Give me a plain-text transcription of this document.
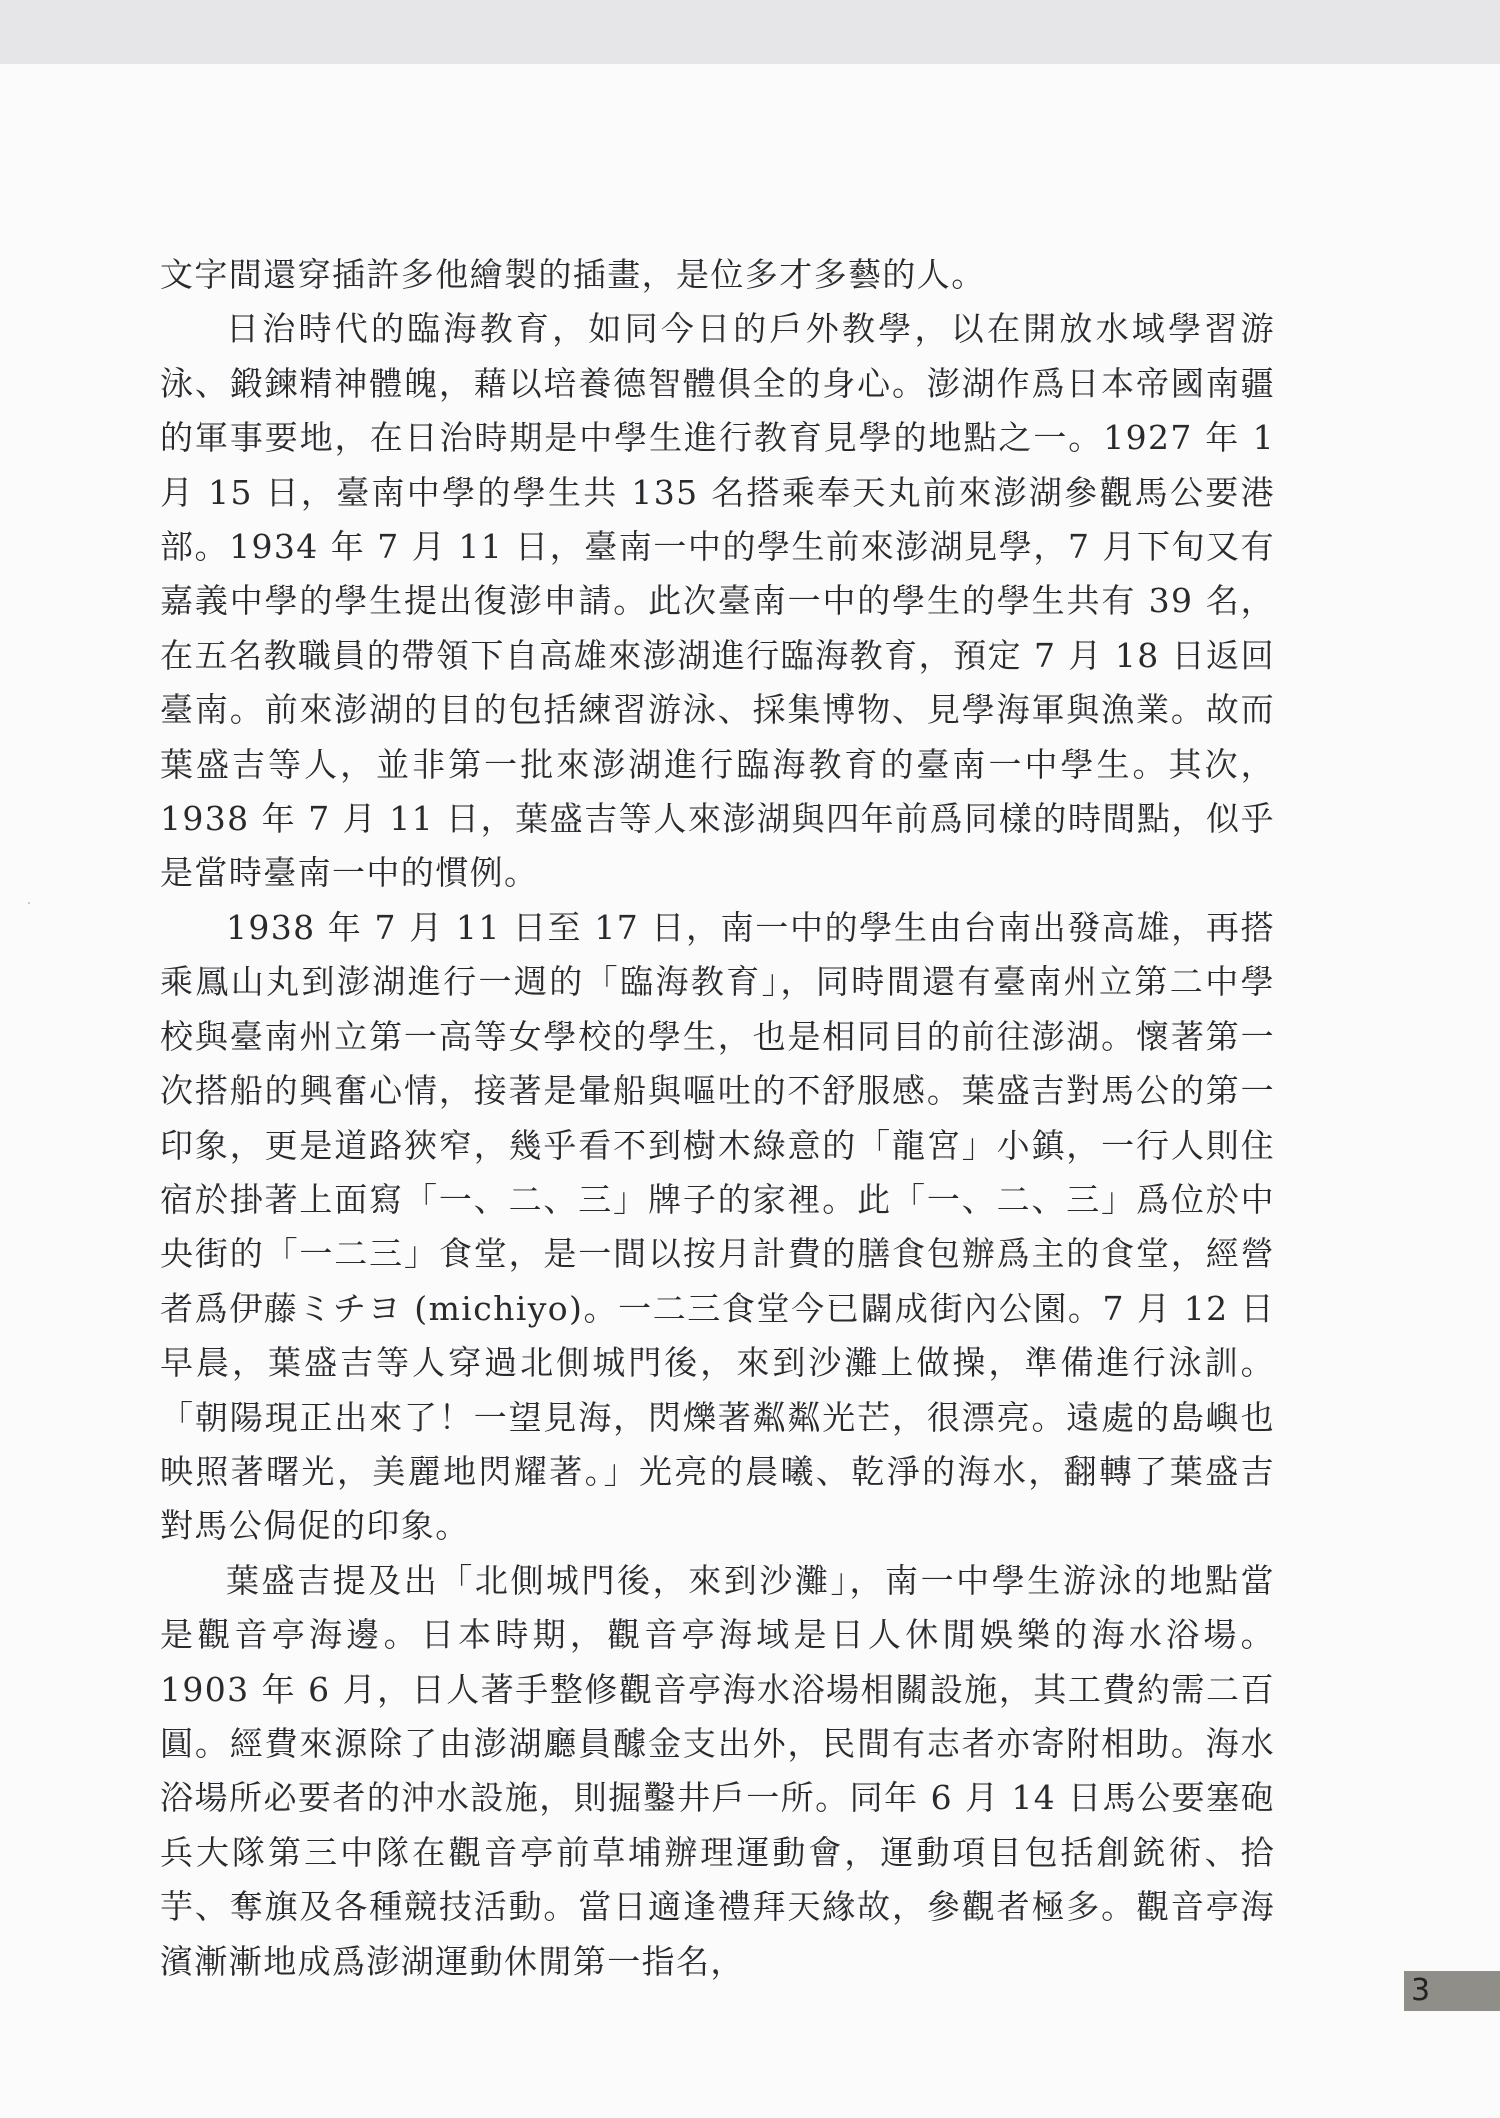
文字間還穿插許多他繪製的插畫，是位多才多藝的人。

日治時代的臨海教育，如同今日的戶外教學，以在開放水域學習游泳、鍛鍊精神體魄，藉以培養德智體俱全的身心。澎湖作爲日本帝國南疆的軍事要地，在日治時期是中學生進行教育見學的地點之一。1927 年 1 月 15 日，臺南中學的學生共 135 名搭乘奉天丸前來澎湖參觀馬公要港部。1934 年 7 月 11 日，臺南一中的學生前來澎湖見學，7 月下旬又有嘉義中學的學生提出復澎申請。此次臺南一中的學生的學生共有 39 名，在五名教職員的帶領下自高雄來澎湖進行臨海教育，預定 7 月 18 日返回臺南。前來澎湖的目的包括練習游泳、採集博物、見學海軍與漁業。故而葉盛吉等人，並非第一批來澎湖進行臨海教育的臺南一中學生。其次，1938 年 7 月 11 日，葉盛吉等人來澎湖與四年前爲同樣的時間點，似乎是當時臺南一中的慣例。

1938 年 7 月 11 日至 17 日，南一中的學生由台南出發高雄，再搭乘鳳山丸到澎湖進行一週的「臨海教育」，同時間還有臺南州立第二中學校與臺南州立第一高等女學校的學生，也是相同目的前往澎湖。懷著第一次搭船的興奮心情，接著是暈船與嘔吐的不舒服感。葉盛吉對馬公的第一印象，更是道路狹窄，幾乎看不到樹木綠意的「龍宮」小鎮，一行人則住宿於掛著上面寫「一、二、三」牌子的家裡。此「一、二、三」爲位於中央街的「一二三」食堂，是一間以按月計費的膳食包辦爲主的食堂，經營者爲伊藤ミチヨ (michiyo)。一二三食堂今已闢成街內公園。7 月 12 日早晨，葉盛吉等人穿過北側城門後，來到沙灘上做操，準備進行泳訓。「朝陽現正出來了！一望見海，閃爍著粼粼光芒，很漂亮。遠處的島嶼也映照著曙光，美麗地閃耀著。」光亮的晨曦、乾淨的海水，翻轉了葉盛吉對馬公侷促的印象。

葉盛吉提及出「北側城門後，來到沙灘」，南一中學生游泳的地點當是觀音亭海邊。日本時期，觀音亭海域是日人休閒娛樂的海水浴場。1903 年 6 月，日人著手整修觀音亭海水浴場相關設施，其工費約需二百圓。經費來源除了由澎湖廳員醵金支出外，民間有志者亦寄附相助。海水浴場所必要者的沖水設施，則掘鑿井戶一所。同年 6 月 14 日馬公要塞砲兵大隊第三中隊在觀音亭前草埔辦理運動會，運動項目包括創銃術、拾芋、奪旗及各種競技活動。當日適逢禮拜天緣故，參觀者極多。觀音亭海濱漸漸地成爲澎湖運動休閒第一指名，

3
